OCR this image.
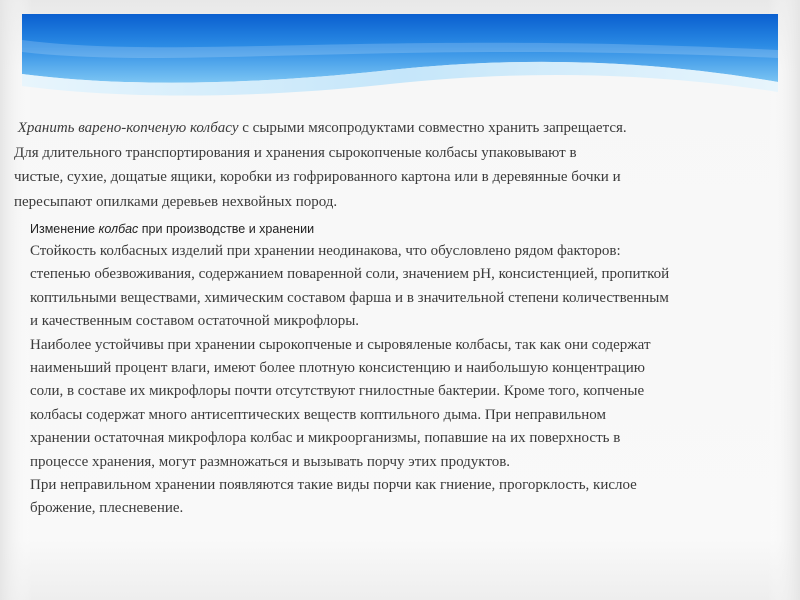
Хранить варено-копченую колбасу с сырыми мясопродуктами совместно хранить запрещается.
Для длительного транспортирования и хранения сырокопченые колбасы упаковывают в
чистые, сухие, дощатые ящики, коробки из гофрированного картона или в деревянные бочки и
пересыпают опилками деревьев нехвойных пород.
Изменение колбас при производстве и хранении
Стойкость колбасных изделий при хранении неодинакова, что обусловлено рядом факторов:
степенью обезвоживания, содержанием поваренной соли, значением pH, консистенцией, пропиткой
коптильными веществами, химическим составом фарша и в значительной степени количественным
и качественным составом остаточной микрофлоры.
Наиболее устойчивы при хранении сырокопченые и сыровяленые колбасы, так как они содержат
наименьший процент влаги, имеют более плотную консистенцию и наибольшую концентрацию
соли, в составе их микрофлоры почти отсутствуют гнилостные бактерии. Кроме того, копченые
колбасы содержат много антисептических веществ коптильного дыма. При неправильном
хранении остаточная микрофлора колбас и микроорганизмы, попавшие на их поверхность в
процессе хранения, могут размножаться и вызывать порчу этих продуктов.
При неправильном хранении появляются такие виды порчи как гниение, прогорклость, кислое
брожение, плесневение.
